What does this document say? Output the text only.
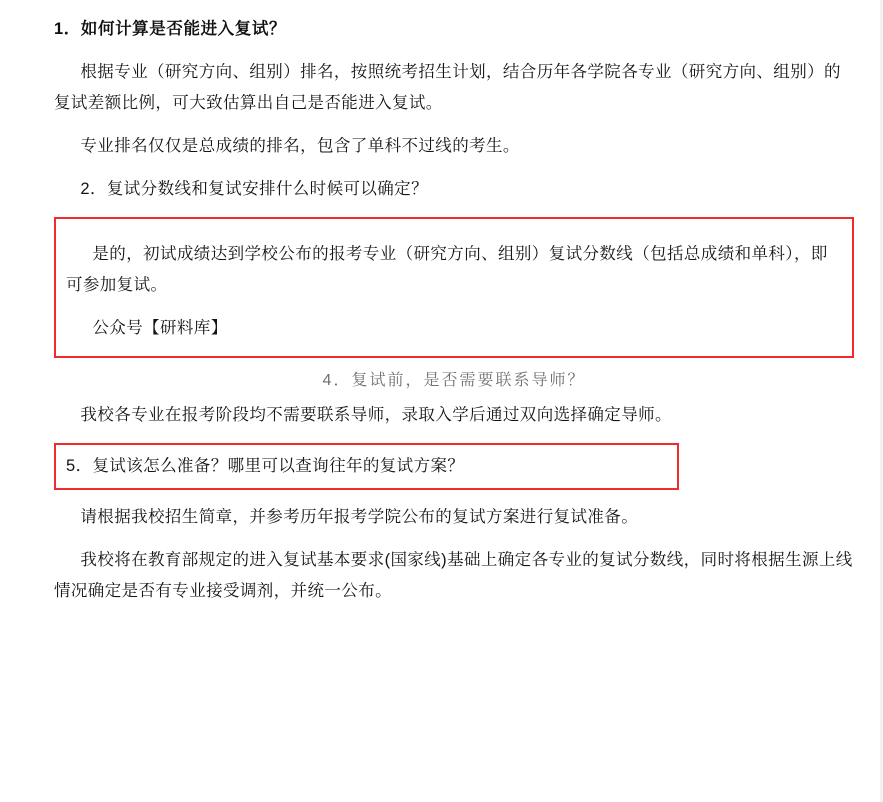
1．如何计算是否能进入复试？

根据专业（研究方向、组别）排名，按照统考招生计划，结合历年各学院各专业（研究方向、组别）的复试差额比例，可大致估算出自己是否能进入复试。

专业排名仅仅是总成绩的排名，包含了单科不过线的考生。

2．复试分数线和复试安排什么时候可以确定？

是的，初试成绩达到学校公布的报考专业（研究方向、组别）复试分数线（包括总成绩和单科），即可参加复试。

公众号【研料库】

4．复试前，是否需要联系导师？

我校各专业在报考阶段均不需要联系导师，录取入学后通过双向选择确定导师。

5．复试该怎么准备？哪里可以查询往年的复试方案？

请根据我校招生简章，并参考历年报考学院公布的复试方案进行复试准备。

我校将在教育部规定的进入复试基本要求(国家线)基础上确定各专业的复试分数线，同时将根据生源上线情况确定是否有专业接受调剂，并统一公布。
